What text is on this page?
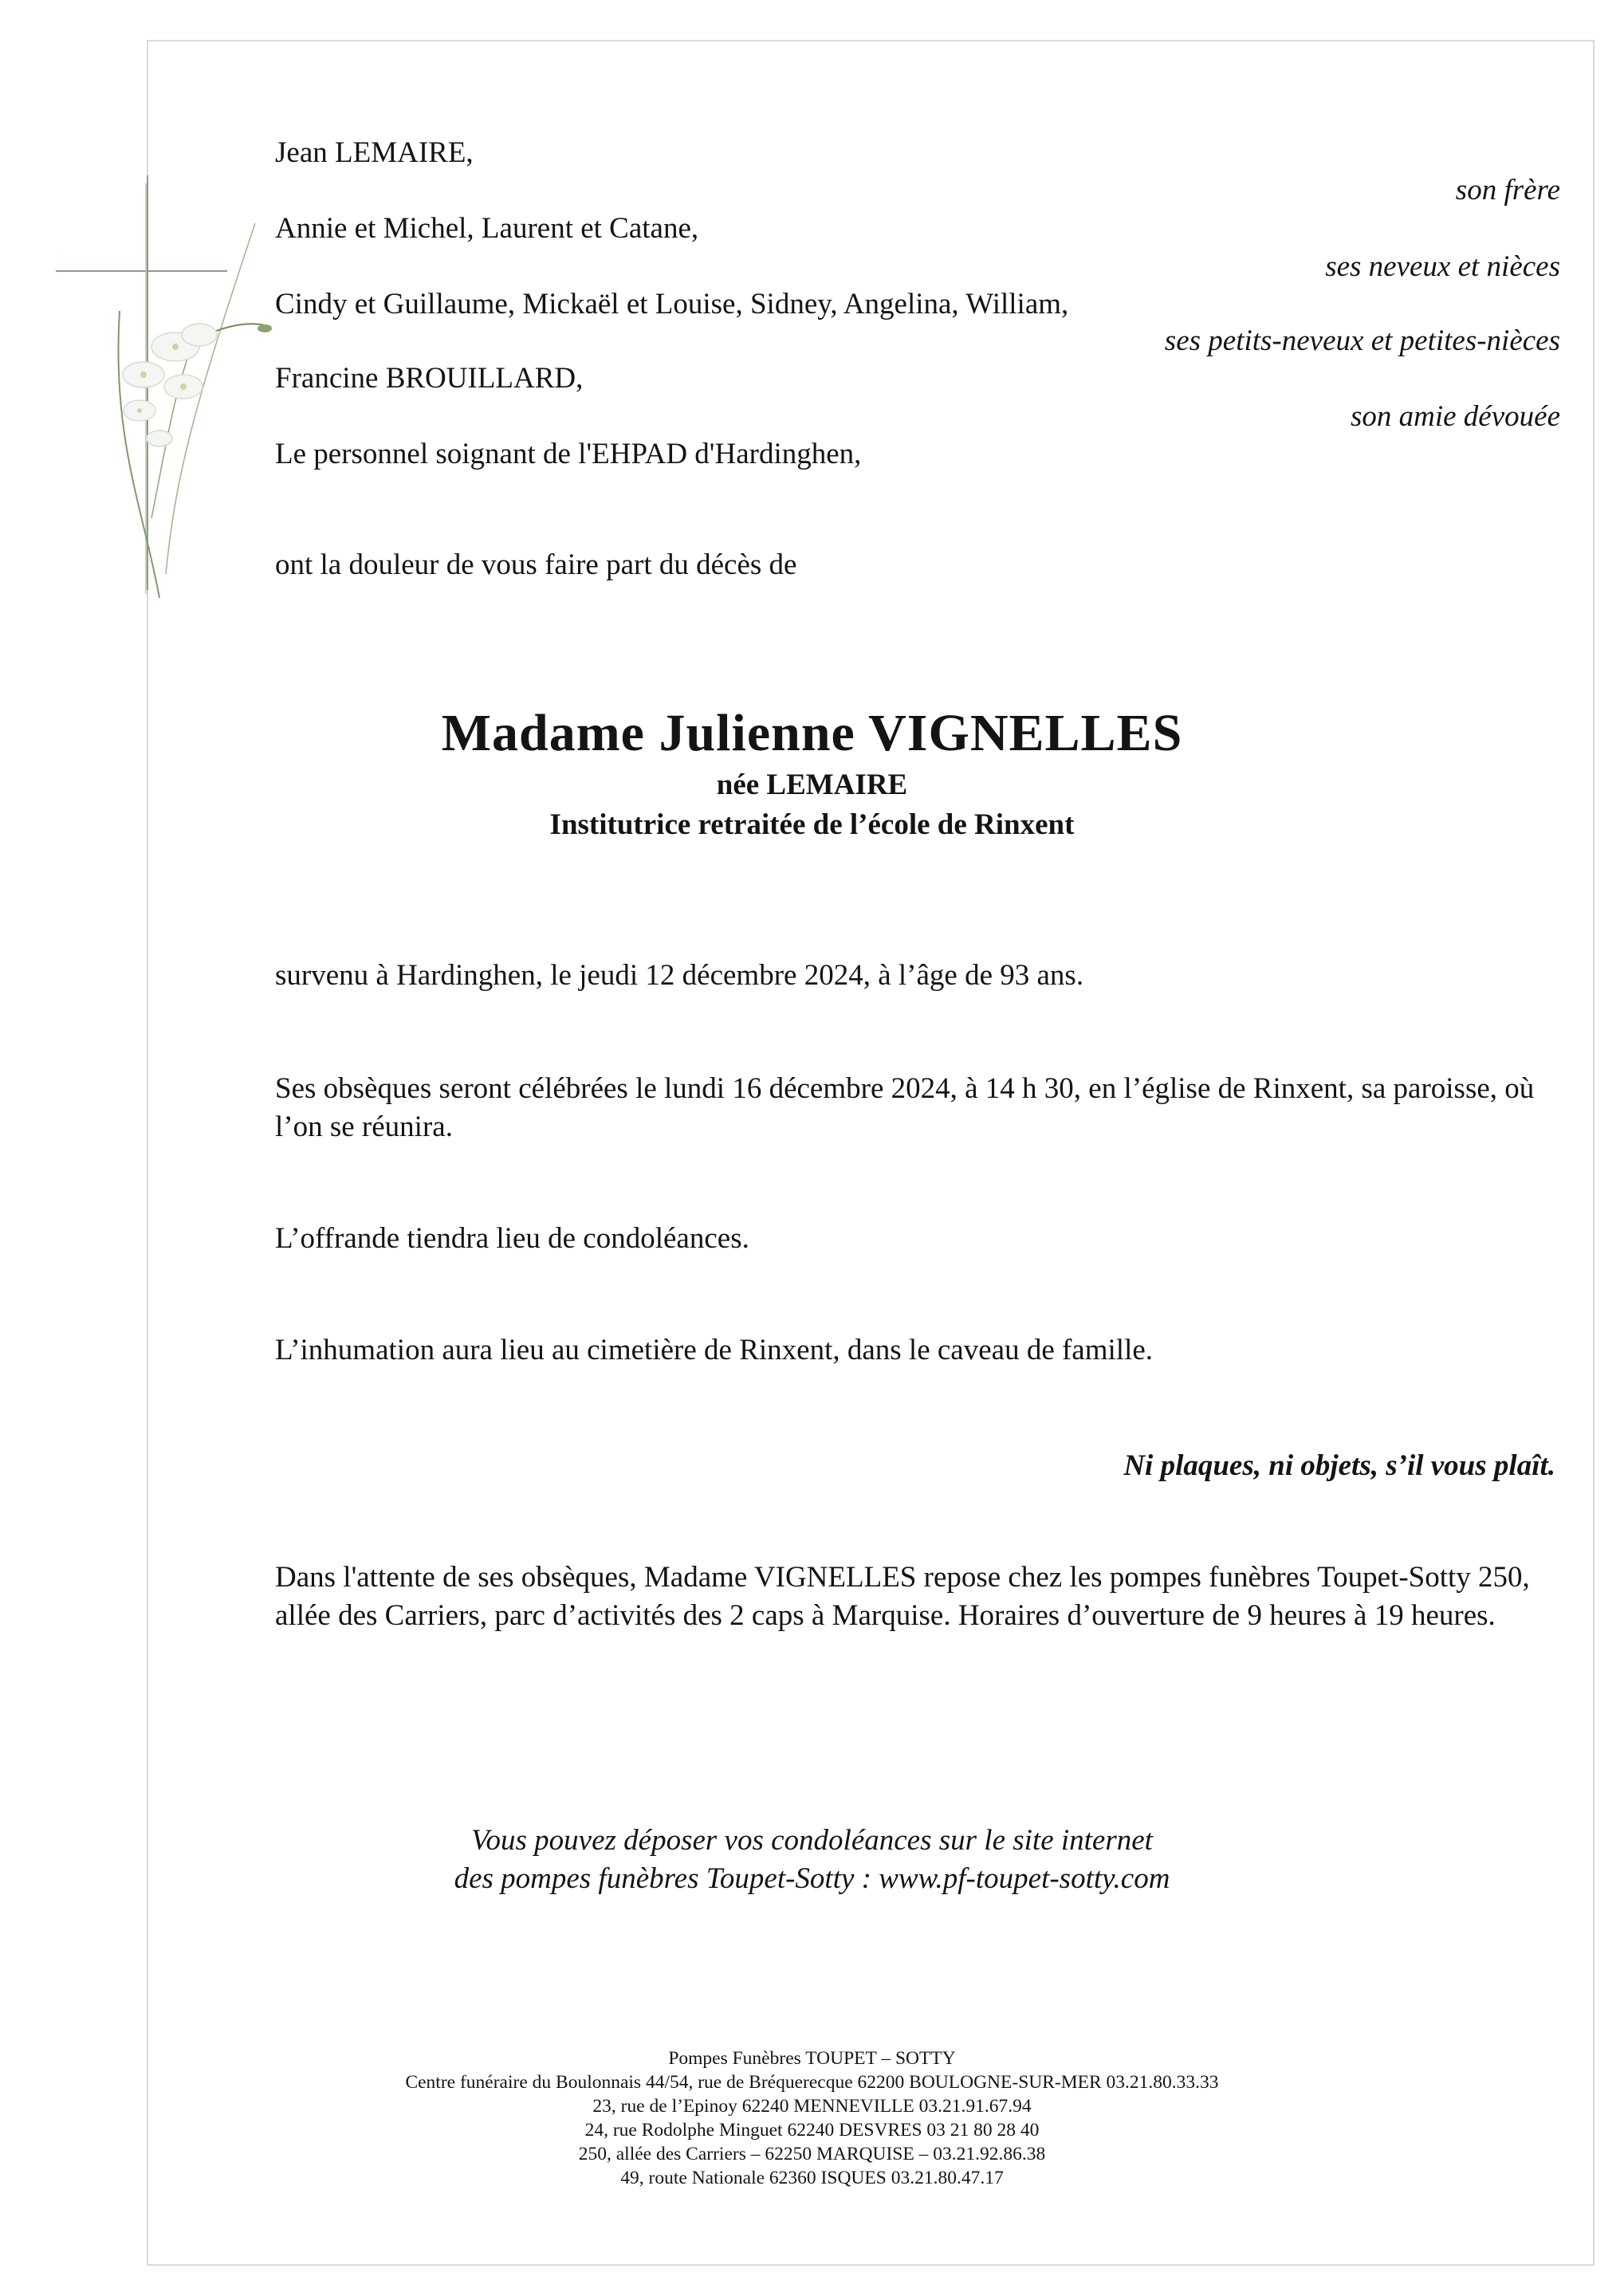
Jean LEMAIRE,
son frère
Annie et Michel, Laurent et Catane,
ses neveux et nièces
Cindy et Guillaume, Mickaël et Louise, Sidney, Angelina, William,
ses petits-neveux et petites-nièces
Francine BROUILLARD,
son amie dévouée
Le personnel soignant de l'EHPAD d'Hardinghen,
ont la douleur de vous faire part du décès de
Madame Julienne VIGNELLES
née LEMAIRE
Institutrice retraitée de l’école de Rinxent
survenu à Hardinghen, le jeudi 12 décembre 2024, à l’âge de 93 ans.
Ses obsèques seront célébrées le lundi 16 décembre 2024, à 14 h 30, en l’église de Rinxent, sa paroisse, où l’on se réunira.
L’offrande tiendra lieu de condoléances.
L’inhumation aura lieu au cimetière de Rinxent, dans le caveau de famille.
Ni plaques, ni objets, s’il vous plaît.
Dans l'attente de ses obsèques, Madame VIGNELLES repose chez les pompes funèbres Toupet-Sotty 250, allée des Carriers, parc d’activités des 2 caps à Marquise. Horaires d’ouverture de 9 heures à 19 heures.
Vous pouvez déposer vos condoléances sur le site internet
des pompes funèbres Toupet-Sotty : www.pf-toupet-sotty.com
Pompes Funèbres TOUPET – SOTTY
Centre funéraire du Boulonnais 44/54, rue de Bréquerecque 62200 BOULOGNE-SUR-MER 03.21.80.33.33
23, rue de l’Epinoy 62240 MENNEVILLE 03.21.91.67.94
24, rue Rodolphe Minguet 62240 DESVRES 03 21 80 28 40
250, allée des Carriers – 62250 MARQUISE – 03.21.92.86.38
49, route Nationale 62360 ISQUES 03.21.80.47.17
